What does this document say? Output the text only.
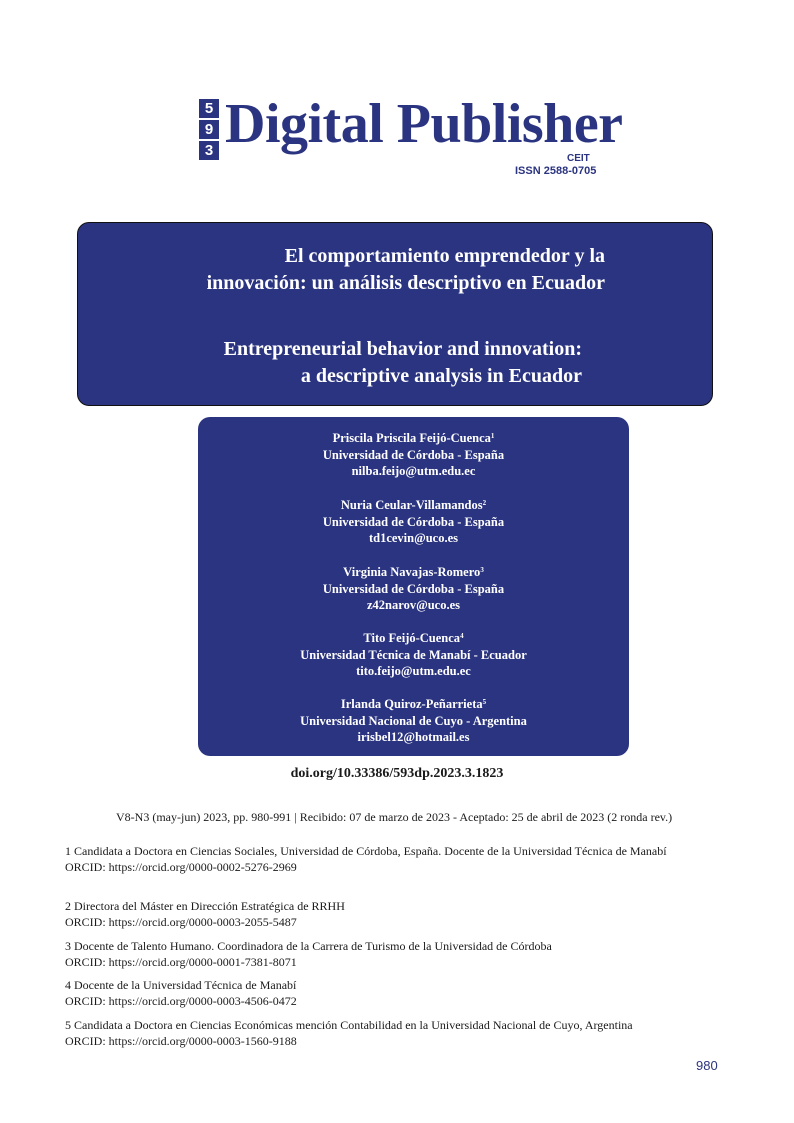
5
9
3 Digital Publisher
CEIT
ISSN 2588-0705
El comportamiento emprendedor y la
innovación: un análisis descriptivo en Ecuador
Entrepreneurial behavior and innovation:
a descriptive analysis in Ecuador
Priscila Priscila Feijó-Cuenca$^1$
Universidad de Córdoba - España
nilba.feijo@utm.edu.ec
Nuria Ceular-Villamandos$^2$
Universidad de Córdoba - España
td1cevin@uco.es
Virginia Navajas-Romero$^3$
Universidad de Córdoba - España
z42narov@uco.es
Tito Feijó-Cuenca$^4$
Universidad Técnica de Manabí - Ecuador
tito.feijo@utm.edu.ec
Irlanda Quiroz-Peñarrieta$^5$
Universidad Nacional de Cuyo - Argentina
irisbel12@hotmail.es
doi.org/10.33386/593dp.2023.3.1823
V8-N3 (may-jun) 2023, pp. 980-991 | Recibido: 07 de marzo de 2023 - Aceptado: 25 de abril de 2023 (2 ronda rev.)
1 Candidata a Doctora en Ciencias Sociales, Universidad de Córdoba, España. Docente de la Universidad Técnica de Manabí
ORCID: https://orcid.org/0000-0002-5276-2969
2 Directora del Máster en Dirección Estratégica de RRHH
ORCID: https://orcid.org/0000-0003-2055-5487
3 Docente de Talento Humano. Coordinadora de la Carrera de Turismo de la Universidad de Córdoba
ORCID: https://orcid.org/0000-0001-7381-8071
4 Docente de la Universidad Técnica de Manabí
ORCID: https://orcid.org/0000-0003-4506-0472
5 Candidata a Doctora en Ciencias Económicas mención Contabilidad en la Universidad Nacional de Cuyo, Argentina
ORCID: https://orcid.org/0000-0003-1560-9188
980
